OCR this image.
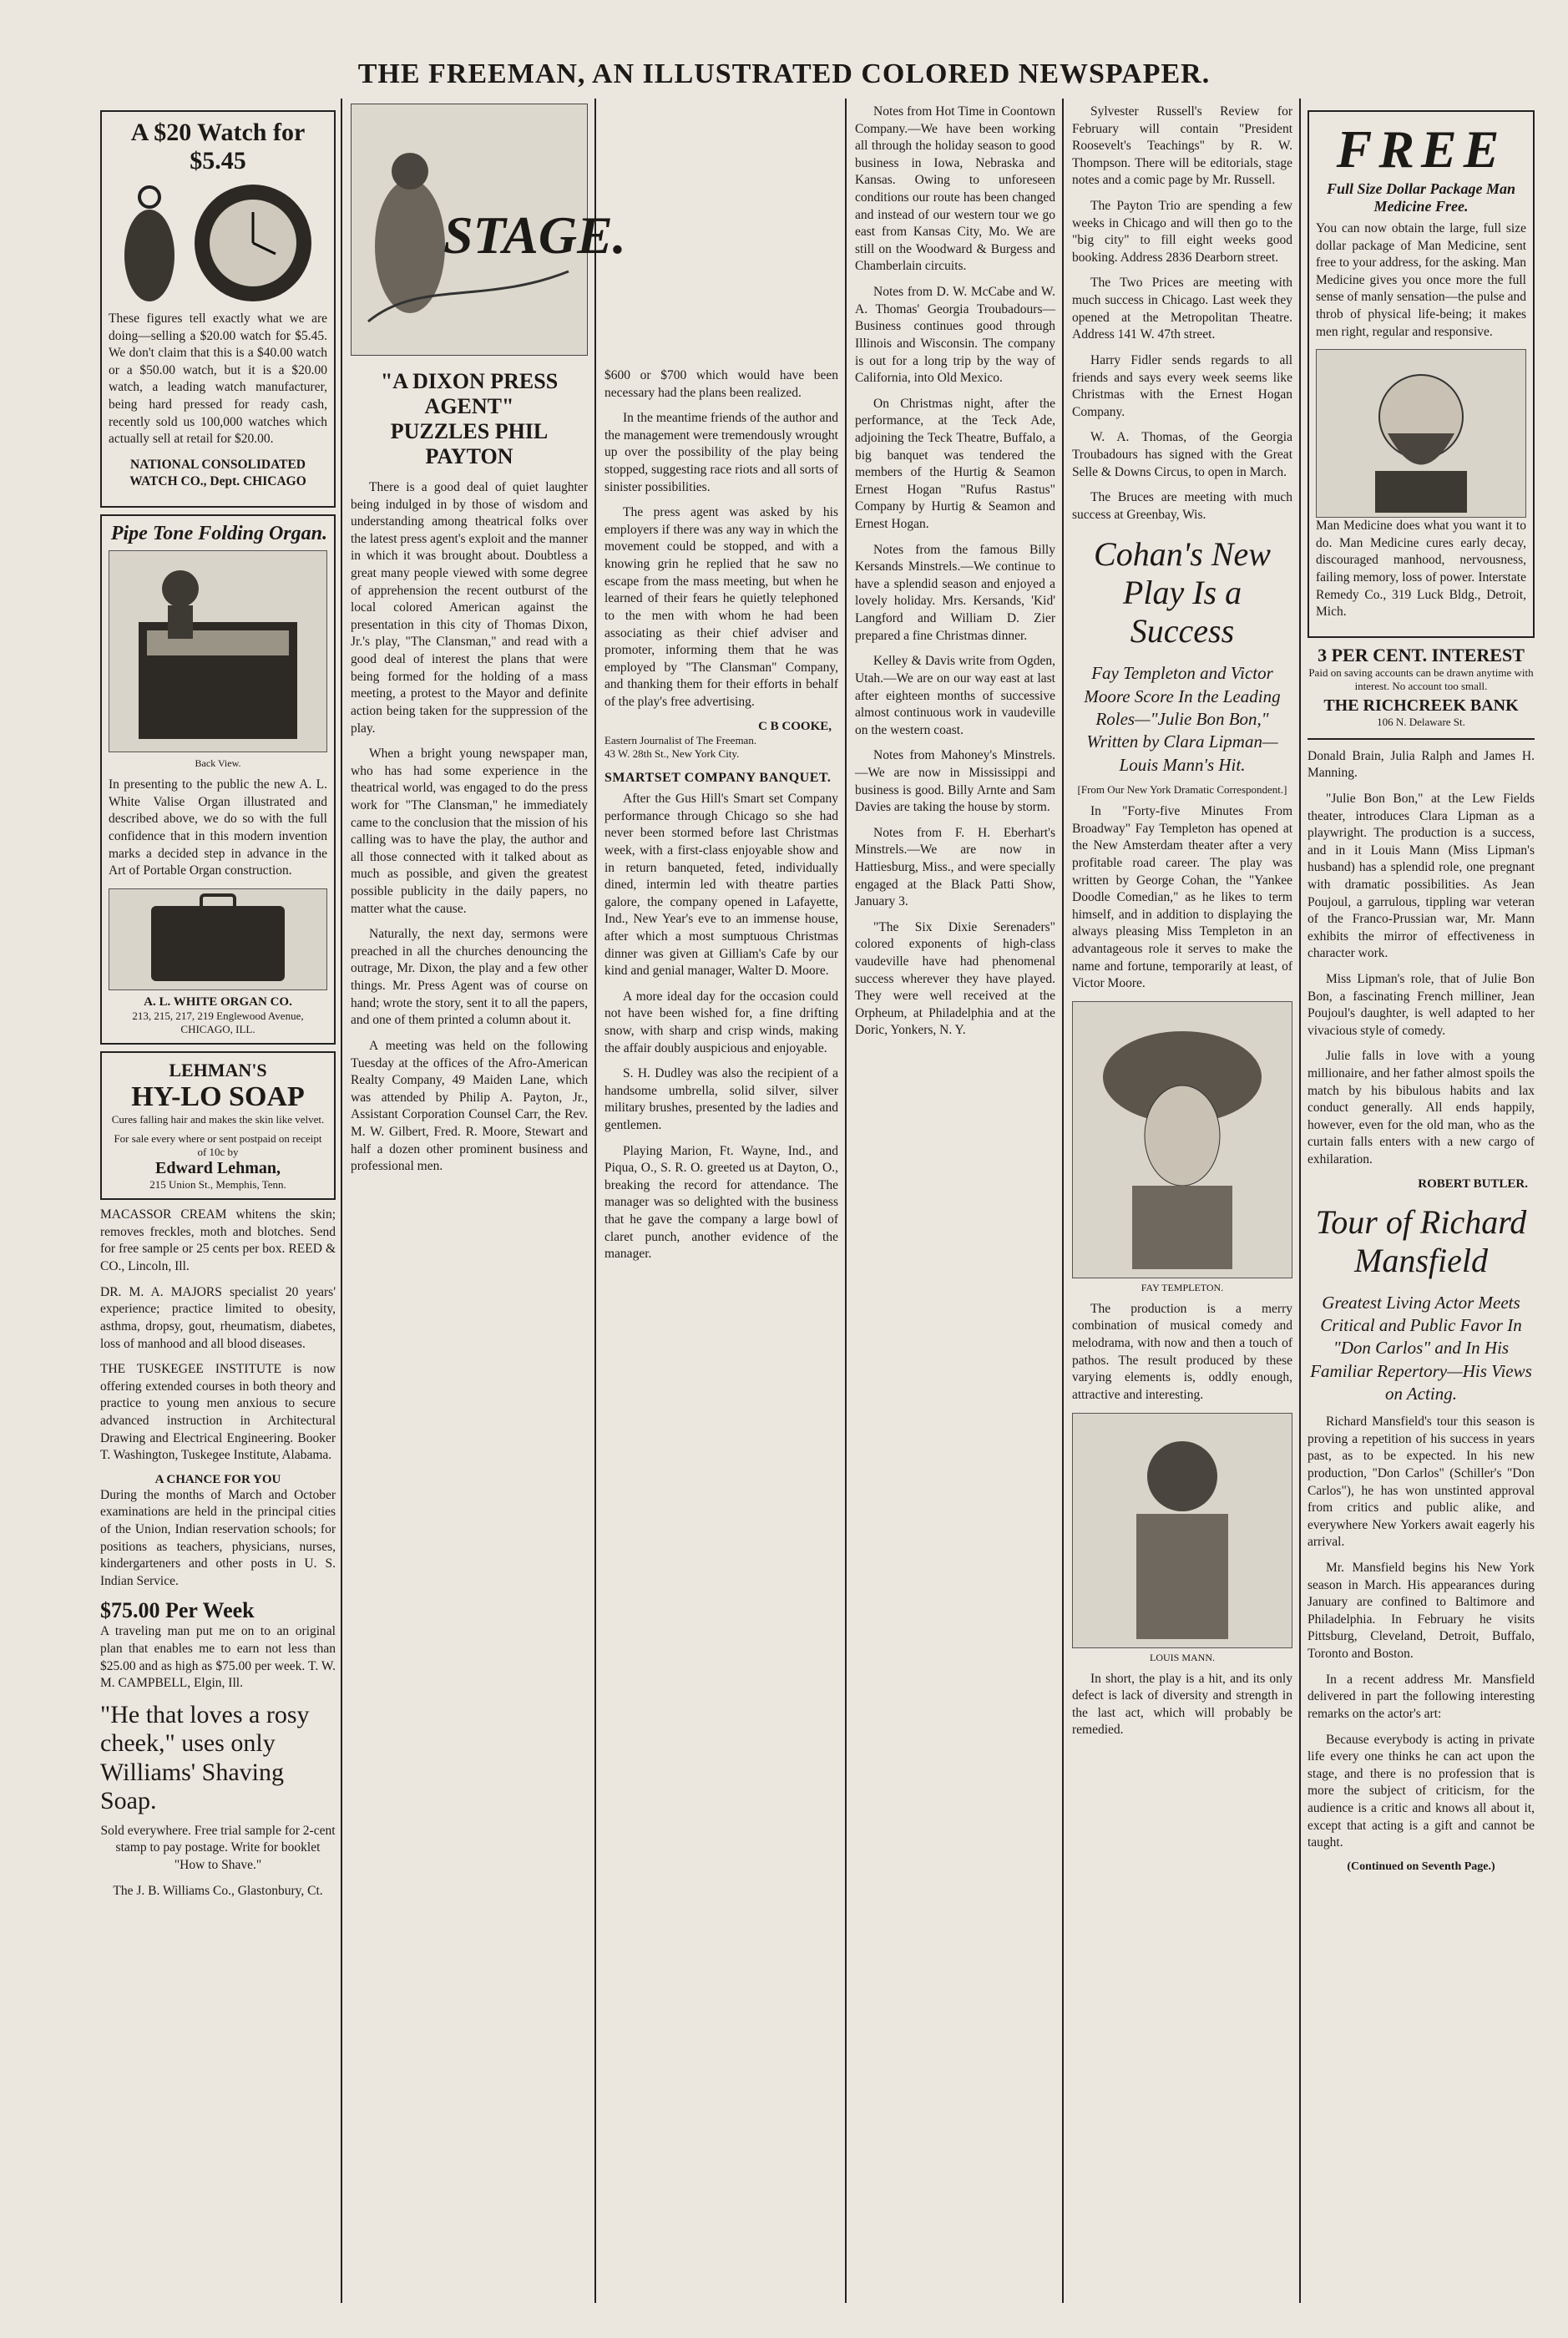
THE FREEMAN, AN ILLUSTRATED COLORED NEWSPAPER.
A $20 Watch for $5.45

These figures tell exactly what we are doing—selling a $20.00 watch for $5.45. We don't claim that this is a $40.00 watch or a $50.00 watch, but it is a $20.00 watch, a leading watch manufacturer, being hard pressed for ready cash, recently sold us 100,000 watches which actually sell at retail for $20.00.

NATIONAL CONSOLIDATED WATCH CO., Dept. CHICAGO

Pipe Tone Folding Organ.
Back View.

In presenting to the public the new A. L. White Valise Organ illustrated and described above, we do so with the full confidence that in this modern invention marks a decided step in advance in the Art of Portable Organ construction.

A. L. WHITE ORGAN CO.
213, 215, 217, 219 Englewood Avenue, CHICAGO, ILL.
LEHMAN'S
HY-LO SOAP
Cures falling hair and makes the skin like velvet.
For sale every where or sent postpaid on receipt of 10c by
Edward Lehman,
215 Union St., Memphis, Tenn.

MACASSOR CREAM whitens the skin; removes freckles, moth and blotches. Send for free sample or 25 cents per box. REED & CO., Lincoln, Ill.

DR. M. A. MAJORS specialist 20 years' experience; practice limited to obesity, asthma, dropsy, gout, rheumatism, diabetes, loss of manhood and all blood diseases.

THE TUSKEGEE INSTITUTE is now offering extended courses in both theory and practice to young men anxious to secure advanced instruction in Architectural Drawing and Electrical Engineering. Booker T. Washington, Tuskegee Institute, Alabama.

A CHANCE FOR YOU

During the months of March and October examinations are held in the principal cities of the Union, Indian reservation schools; for positions as teachers, physicians, nurses, kindergarteners and other posts in U. S. Indian Service.

$75.00 Per Week

A traveling man put me on to an original plan that enables me to earn not less than $25.00 and as high as $75.00 per week. T. W. M. CAMPBELL, Elgin, Ill.

"He that loves a rosy cheek," uses only Williams' Shaving Soap.

Sold everywhere. Free trial sample for 2-cent stamp to pay postage. Write for booklet "How to Shave."

The J. B. Williams Co., Glastonbury, Ct.

STAGE.
"A DIXON PRESS AGENT"
PUZZLES PHIL PAYTON

There is a good deal of quiet laughter being indulged in by those of wisdom and understanding among theatrical folks over the latest press agent's exploit and the manner in which it was brought about. Doubtless a great many people viewed with some degree of apprehension the recent outburst of the local colored American against the presentation in this city of Thomas Dixon, Jr.'s play, "The Clansman," and read with a good deal of interest the plans that were being formed for the holding of a mass meeting, a protest to the Mayor and definite action being taken for the suppression of the play.

When a bright young newspaper man, who has had some experience in the theatrical world, was engaged to do the press work for "The Clansman," he immediately came to the conclusion that the mission of his calling was to have the play, the author and all those connected with it talked about as much as possible, and given the greatest possible publicity in the daily papers, no matter what the cause.

Naturally, the next day, sermons were preached in all the churches denouncing the outrage, Mr. Dixon, the play and a few other things. Mr. Press Agent was of course on hand; wrote the story, sent it to all the papers, and one of them printed a column about it.

A meeting was held on the following Tuesday at the offices of the Afro-American Realty Company, 49 Maiden Lane, which was attended by Philip A. Payton, Jr., Assistant Corporation Counsel Carr, the Rev. M. W. Gilbert, Fred. R. Moore, Stewart and half a dozen other prominent business and professional men.

$600 or $700 which would have been necessary had the plans been realized.

In the meantime friends of the author and the management were tremendously wrought up over the possibility of the play being stopped, suggesting race riots and all sorts of sinister possibilities.

The press agent was asked by his employers if there was any way in which the movement could be stopped, and with a knowing grin he replied that he saw no escape from the mass meeting, but when he learned of their fears he quietly telephoned to the men with whom he had been associating as their chief adviser and promoter, informing them that he was employed by "The Clansman" Company, and thanking them for their efforts in behalf of the play's free advertising.

C B COOKE,
Eastern Journalist of The Freeman.
43 W. 28th St., New York City.
SMARTSET COMPANY BANQUET.

After the Gus Hill's Smart set Company performance through Chicago so she had never been stormed before last Christmas week, with a first-class enjoyable show and in return banqueted, feted, individually dined, intermin led with theatre parties galore, the company opened in Lafayette, Ind., New Year's eve to an immense house, after which a most sumptuous Christmas dinner was given at Gilliam's Cafe by our kind and genial manager, Walter D. Moore.

A more ideal day for the occasion could not have been wished for, a fine drifting snow, with sharp and crisp winds, making the affair doubly auspicious and enjoyable.

S. H. Dudley was also the recipient of a handsome umbrella, solid silver, silver military brushes, presented by the ladies and gentlemen.

Playing Marion, Ft. Wayne, Ind., and Piqua, O., S. R. O. greeted us at Dayton, O., breaking the record for attendance. The manager was so delighted with the business that he gave the company a large bowl of claret punch, another evidence of the manager.

Notes from Hot Time in Coontown Company.—We have been working all through the holiday season to good business in Iowa, Nebraska and Kansas. Owing to unforeseen conditions our route has been changed and instead of our western tour we go east from Kansas City, Mo. We are still on the Woodward & Burgess and Chamberlain circuits.

Notes from D. W. McCabe and W. A. Thomas' Georgia Troubadours—Business continues good through Illinois and Wisconsin. The company is out for a long trip by the way of California, into Old Mexico.

On Christmas night, after the performance, at the Teck Ade, adjoining the Teck Theatre, Buffalo, a big banquet was tendered the members of the Hurtig & Seamon Ernest Hogan "Rufus Rastus" Company by Hurtig & Seamon and Ernest Hogan.

Notes from the famous Billy Kersands Minstrels.—We continue to have a splendid season and enjoyed a lovely holiday. Mrs. Kersands, 'Kid' Langford and William D. Zier prepared a fine Christmas dinner.

Kelley & Davis write from Ogden, Utah.—We are on our way east at last after eighteen months of successive almost continuous work in vaudeville on the western coast.

Notes from Mahoney's Minstrels.—We are now in Mississippi and business is good. Billy Arnte and Sam Davies are taking the house by storm.

Notes from F. H. Eberhart's Minstrels.—We are now in Hattiesburg, Miss., and were specially engaged at the Black Patti Show, January 3.

"The Six Dixie Serenaders" colored exponents of high-class vaudeville have had phenomenal success wherever they have played. They were well received at the Orpheum, at Philadelphia and at the Doric, Yonkers, N. Y.

Sylvester Russell's Review for February will contain "President Roosevelt's Teachings" by R. W. Thompson. There will be editorials, stage notes and a comic page by Mr. Russell.

The Payton Trio are spending a few weeks in Chicago and will then go to the "big city" to fill eight weeks good booking. Address 2836 Dearborn street.

The Two Prices are meeting with much success in Chicago. Last week they opened at the Metropolitan Theatre. Address 141 W. 47th street.

Harry Fidler sends regards to all friends and says every week seems like Christmas with the Ernest Hogan Company.

W. A. Thomas, of the Georgia Troubadours has signed with the Great Selle & Downs Circus, to open in March.

The Bruces are meeting with much success at Greenbay, Wis.

Cohan's New Play Is a Success
Fay Templeton and Victor Moore Score In the Leading Roles—"Julie Bon Bon," Written by Clara Lipman—Louis Mann's Hit.
[From Our New York Dramatic Correspondent.]

In "Forty-five Minutes From Broadway" Fay Templeton has opened at the New Amsterdam theater after a very profitable road career. The play was written by George Cohan, the "Yankee Doodle Comedian," as he likes to term himself, and in addition to displaying the always pleasing Miss Templeton in an advantageous role it serves to make the name and fortune, temporarily at least, of Victor Moore.

FAY TEMPLETON.

The production is a merry combination of musical comedy and melodrama, with now and then a touch of pathos. The result produced by these varying elements is, oddly enough, attractive and interesting.

LOUIS MANN.

In short, the play is a hit, and its only defect is lack of diversity and strength in the last act, which will probably be remedied.

FREE
Full Size Dollar Package Man Medicine Free.

You can now obtain the large, full size dollar package of Man Medicine, sent free to your address, for the asking. Man Medicine gives you once more the full sense of manly sensation—the pulse and throb of physical life-being; it makes men right, regular and responsive.

Man Medicine does what you want it to do. Man Medicine cures early decay, discouraged manhood, nervousness, failing memory, loss of power. Interstate Remedy Co., 319 Luck Bldg., Detroit, Mich.

3 PER CENT. INTEREST
Paid on saving accounts can be drawn anytime with interest. No account too small.
THE RICHCREEK BANK
106 N. Delaware St.

Donald Brain, Julia Ralph and James H. Manning.

"Julie Bon Bon," at the Lew Fields theater, introduces Clara Lipman as a playwright. The production is a success, and in it Louis Mann (Miss Lipman's husband) has a splendid role, one pregnant with dramatic possibilities. As Jean Poujoul, a garrulous, tippling war veteran of the Franco-Prussian war, Mr. Mann exhibits the mirror of effectiveness in character work.

Miss Lipman's role, that of Julie Bon Bon, a fascinating French milliner, Jean Poujoul's daughter, is well adapted to her vivacious style of comedy.

Julie falls in love with a young millionaire, and her father almost spoils the match by his bibulous habits and lax conduct generally. All ends happily, however, even for the old man, who as the curtain falls enters with a new cargo of exhilaration.

ROBERT BUTLER.
Tour of Richard Mansfield
Greatest Living Actor Meets Critical and Public Favor In "Don Carlos" and In His Familiar Repertory—His Views on Acting.

Richard Mansfield's tour this season is proving a repetition of his success in years past, as to be expected. In his new production, "Don Carlos" (Schiller's "Don Carlos"), he has won unstinted approval from critics and public alike, and everywhere New Yorkers await eagerly his arrival.

Mr. Mansfield begins his New York season in March. His appearances during January are confined to Baltimore and Philadelphia. In February he visits Pittsburg, Cleveland, Detroit, Buffalo, Toronto and Boston.

In a recent address Mr. Mansfield delivered in part the following interesting remarks on the actor's art:

Because everybody is acting in private life every one thinks he can act upon the stage, and there is no profession that is more the subject of criticism, for the audience is a critic and knows all about it, except that acting is a gift and cannot be taught.

(Continued on Seventh Page.)
